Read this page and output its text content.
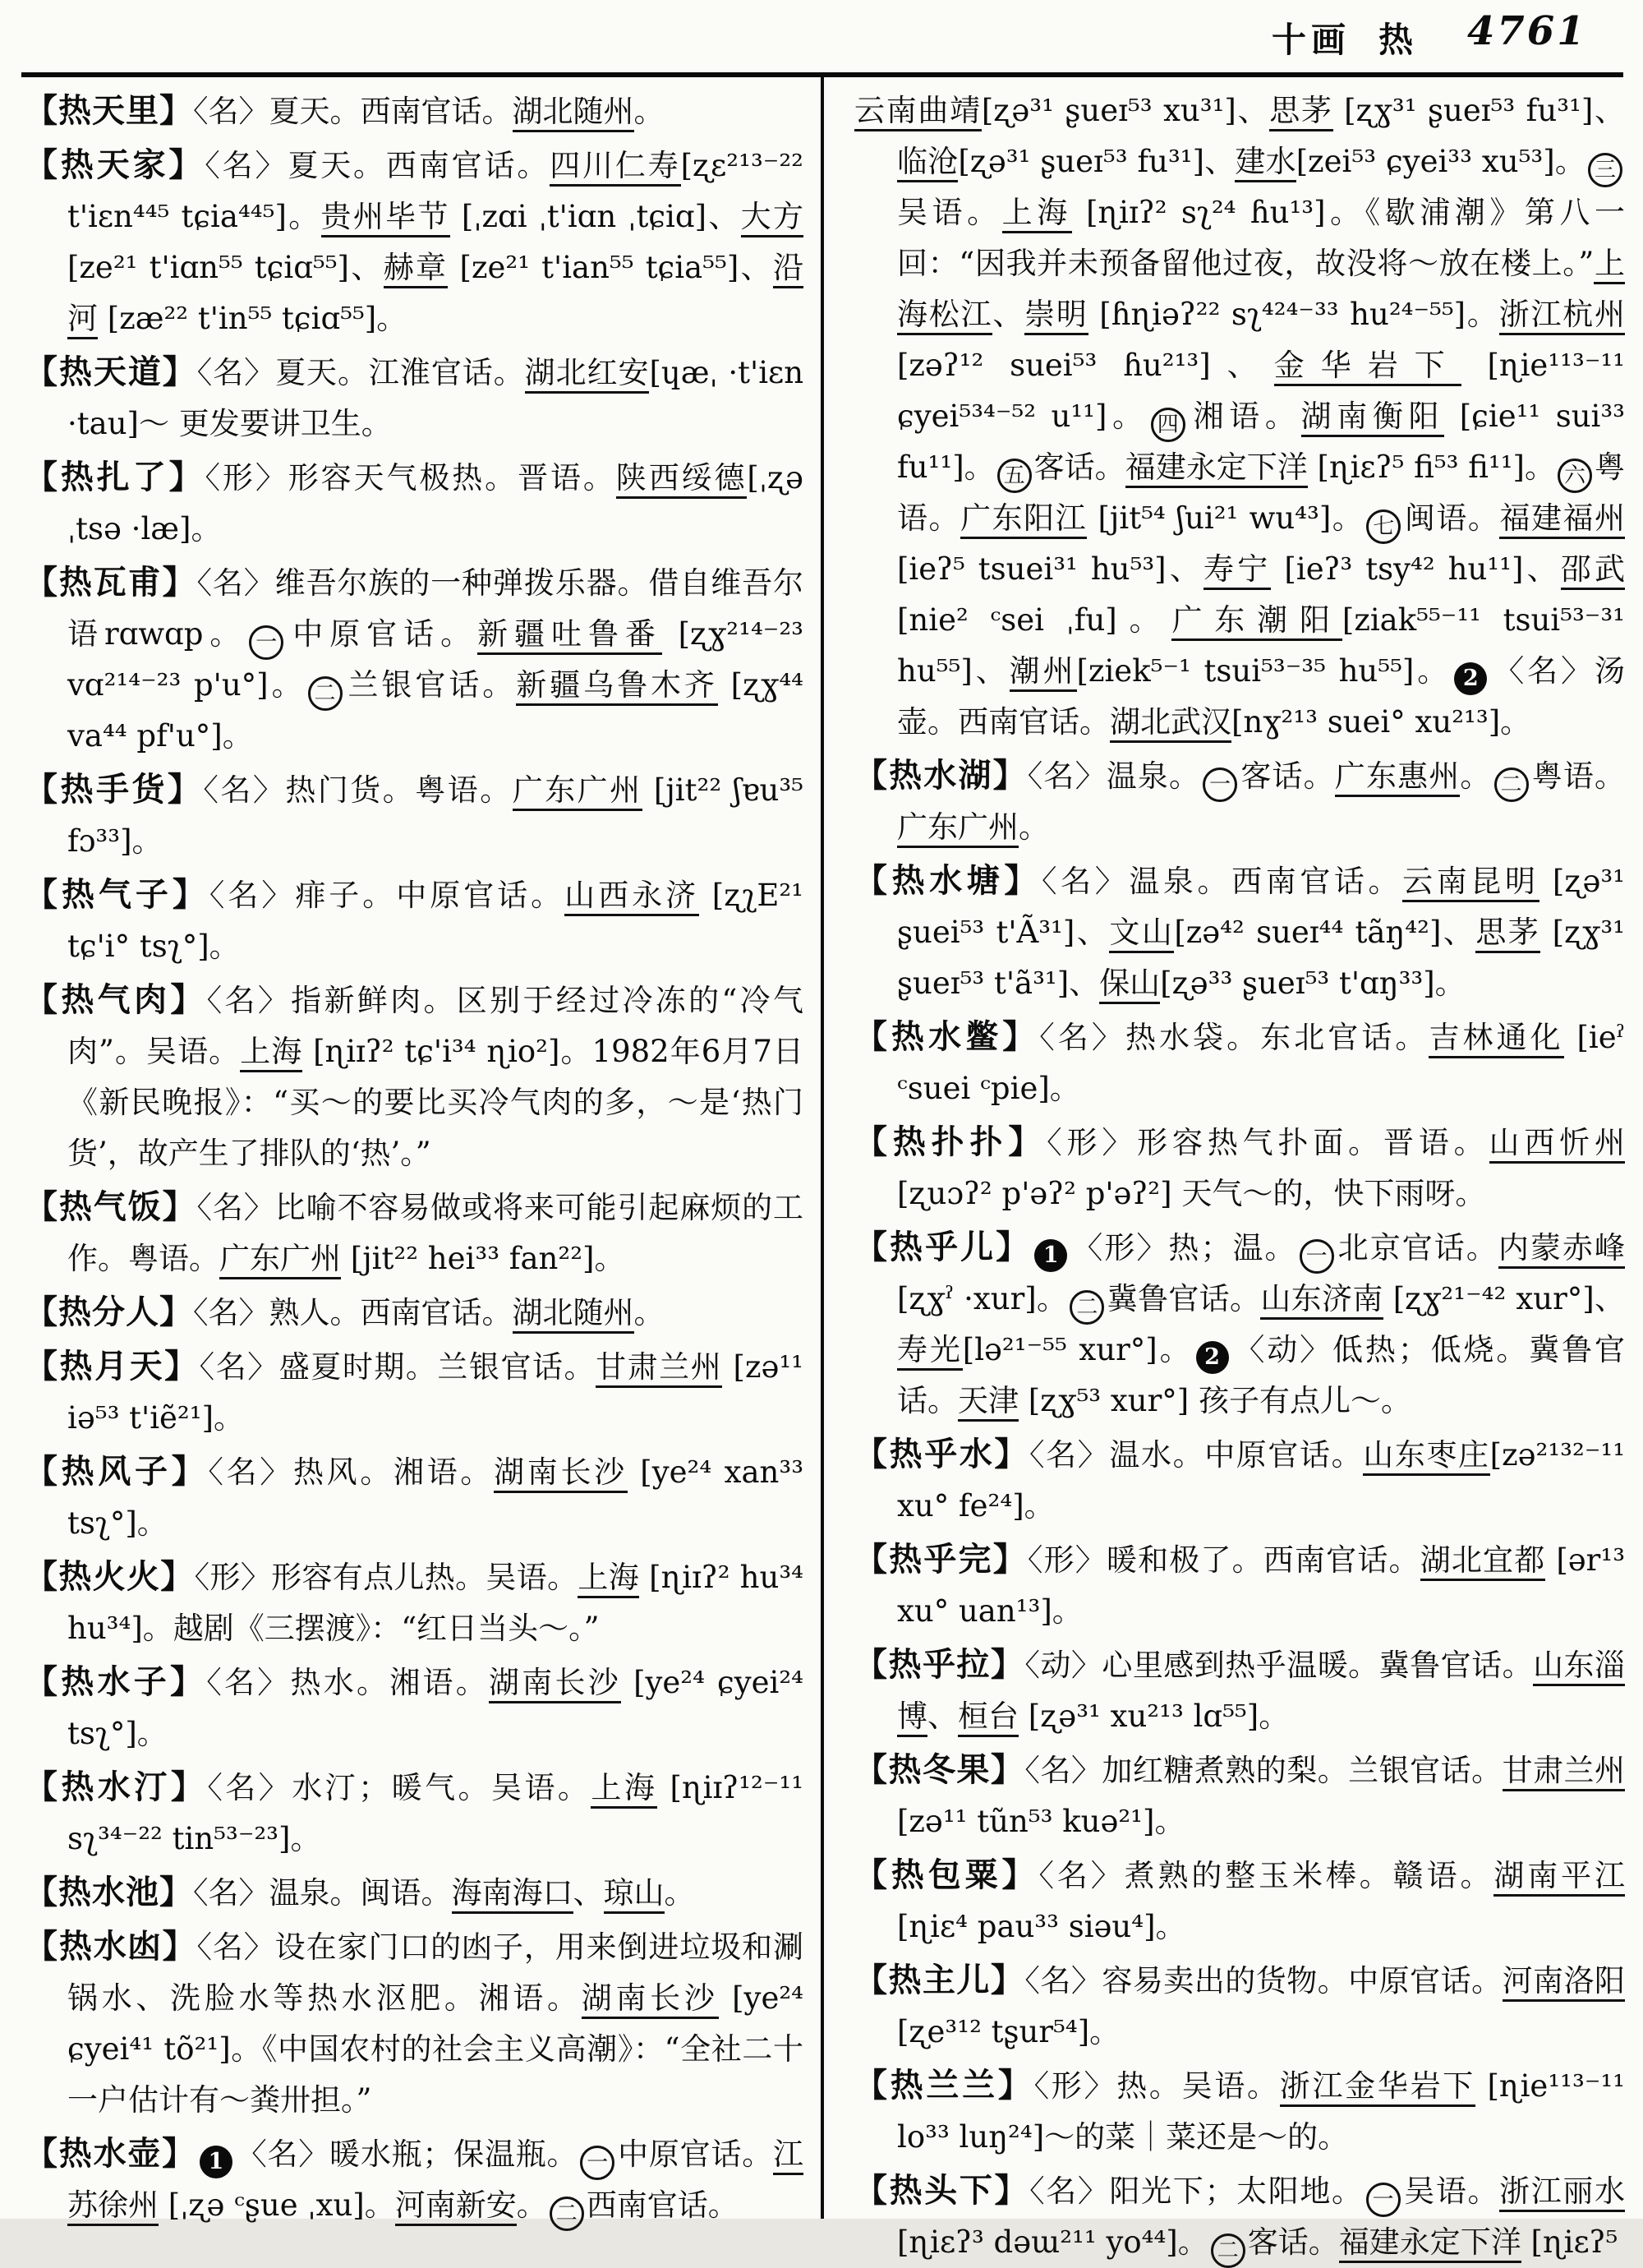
十画 热 4761
【热天里】〈名〉夏天。西南官话。湖北随州。
【热天家】〈名〉夏天。西南官话。四川仁寿[ʐɛ²¹³⁻²² t'iɛn⁴⁴⁵ tɕia⁴⁴⁵]。贵州毕节 [ˌzɑi ˌt'iɑn ˌtɕiɑ]、大方 [ze²¹ t'iɑn⁵⁵ tɕiɑ⁵⁵]、赫章 [ze²¹ t'ian⁵⁵ tɕia⁵⁵]、沿河 [zæ²² t'in⁵⁵ tɕiɑ⁵⁵]。
【热天道】〈名〉夏天。江淮官话。湖北红安[ɥæˌ ·t'iɛn ·tau]～ 更发要讲卫生。
【热扎了】〈形〉形容天气极热。晋语。陕西绥德[ˌʐə ˌtsə ·læ]。
【热瓦甫】〈名〉维吾尔族的一种弹拨乐器。借自维吾尔语rɑwɑp。 一 中原官话。新疆吐鲁番 [ʐɣ²¹⁴⁻²³ vɑ²¹⁴⁻²³ p'u°]。 二 兰银官话。新疆乌鲁木齐 [ʐɣ⁴⁴ va⁴⁴ pf'u°]。
【热手货】〈名〉热门货。粤语。广东广州 [jit²² ʃɐu³⁵ fɔ³³]。
【热气子】〈名〉痱子。中原官话。山西永济 [ʐʅE²¹ tɕ'i° tsʅ°]。
【热气肉】〈名〉指新鲜肉。区别于经过冷冻的“冷气肉”。吴语。上海 [ɳiɪʔ² tɕ'i³⁴ ɳio²]。1982年6月7日《新民晚报》：“买～的要比买冷气肉的多，～是‘热门货’，故产生了排队的‘热’。”
【热气饭】〈名〉比喻不容易做或将来可能引起麻烦的工作。粤语。广东广州 [jit²² hei³³ fan²²]。
【热分人】〈名〉熟人。西南官话。湖北随州。
【热月天】〈名〉盛夏时期。兰银官话。甘肃兰州 [zə¹¹ iə⁵³ t'iẽ²¹]。
【热风子】〈名〉热风。湘语。湖南长沙 [ye²⁴ xan³³ tsʅ°]。
【热火火】〈形〉形容有点儿热。吴语。上海 [ɳiɪʔ² hu³⁴ hu³⁴]。越剧《三摆渡》：“红日当头～。”
【热水子】〈名〉热水。湘语。湖南长沙 [ye²⁴ ɕyei²⁴ tsʅ°]。
【热水汀】〈名〉水汀；暖气。吴语。上海 [ɳiɪʔ¹²⁻¹¹ sʅ³⁴⁻²² tin⁵³⁻²³]。
【热水池】〈名〉温泉。闽语。海南海口、琼山。
【热水凼】〈名〉设在家门口的凼子，用来倒进垃圾和涮锅水、洗脸水等热水沤肥。湘语。湖南长沙 [ye²⁴ ɕyei⁴¹ tõ²¹]。《中国农村的社会主义高潮》：“全社二十一户估计有～粪卅担。”
【热水壶】 1 〈名〉暖水瓶；保温瓶。 一 中原官话。江苏徐州 [ˌʐə ᶜʂue ˌxu]。河南新安。 二 西南官话。
云南曲靖[ʐə³¹ ʂueɪ⁵³ xu³¹]、思茅 [ʐɣ³¹ ʂueɪ⁵³ fu³¹]、临沧[ʐə³¹ ʂueɪ⁵³ fu³¹]、建水[zei⁵³ ɕyei³³ xu⁵³]。 三吴语。上海 [ɳiɪʔ² sʅ²⁴ ɦu¹³]。《歇浦潮》第八一回：“因我并未预备留他过夜，故没将～放在楼上。”上海松江、崇明 [ɦɳiəʔ²² sʅ⁴²⁴⁻³³ hu²⁴⁻⁵⁵]。浙江杭州[zəʔ¹² suei⁵³ ɦu²¹³]、金华岩下 [ɳie¹¹³⁻¹¹ ɕyei⁵³⁴⁻⁵² u¹¹]。 四 湘语。湖南衡阳 [ɕie¹¹ sui³³ fu¹¹]。 五 客话。福建永定下洋 [ɳiɛʔ⁵ fi⁵³ fi¹¹]。 六 粤语。广东阳江 [jit⁵⁴ ʃui²¹ wu⁴³]。 七 闽语。福建福州 [ieʔ⁵ tsuei³¹ hu⁵³]、寿宁 [ieʔ³ tsy⁴² hu¹¹]、邵武 [nie² ᶜsei ˌfu]。广东潮阳[ziak⁵⁵⁻¹¹ tsui⁵³⁻³¹ hu⁵⁵]、潮州[ziek⁵⁻¹ tsui⁵³⁻³⁵ hu⁵⁵]。 2 〈名〉汤壶。西南官话。湖北武汉[nɣ²¹³ suei° xu²¹³]。
【热水湖】〈名〉温泉。 一 客话。广东惠州。 二 粤语。广东广州。
【热水塘】〈名〉温泉。西南官话。云南昆明 [ʐə³¹ ʂuei⁵³ t'Ã³¹]、文山[zə⁴² sueɪ⁴⁴ tãŋ⁴²]、思茅 [ʐɣ³¹ ʂueɪ⁵³ t'ã³¹]、保山[ʐə³³ ʂueɪ⁵³ t'ɑŋ³³]。
【热水鳖】〈名〉热水袋。东北官话。吉林通化 [ieˀ ᶜsuei ᶜpie]。
【热扑扑】〈形〉形容热气扑面。晋语。山西忻州 [ʐuɔʔ² p'əʔ² p'əʔ²] 天气～的，快下雨呀。
【热乎儿】 1 〈形〉热；温。 一 北京官话。内蒙赤峰 [ʐɣˀ ·xur]。 二 冀鲁官话。山东济南 [ʐɣ²¹⁻⁴² xur°]、寿光[lə²¹⁻⁵⁵ xur°]。 2 〈动〉低热；低烧。冀鲁官话。天津 [ʐɣ⁵³ xur°] 孩子有点儿～。
【热乎水】〈名〉温水。中原官话。山东枣庄[zə²¹³²⁻¹¹ xu° fe²⁴]。
【热乎完】〈形〉暖和极了。西南官话。湖北宜都 [ər¹³ xu° uan¹³]。
【热乎拉】〈动〉心里感到热乎温暖。冀鲁官话。山东淄博、桓台 [ʐə³¹ xu²¹³ lɑ⁵⁵]。
【热冬果】〈名〉加红糖煮熟的梨。兰银官话。甘肃兰州 [zə¹¹ tũn⁵³ kuə²¹]。
【热包粟】〈名〉煮熟的整玉米棒。赣语。湖南平江 [ɳiɛ⁴ pau³³ siəu⁴]。
【热主儿】〈名〉容易卖出的货物。中原官话。河南洛阳[ʐe³¹² tʂur⁵⁴]。
【热兰兰】〈形〉热。吴语。浙江金华岩下 [ɳie¹¹³⁻¹¹ lo³³ luŋ²⁴]～的菜｜菜还是～的。
【热头下】〈名〉阳光下；太阳地。 一 吴语。浙江丽水 [ɳiɛʔ³ dəɯ²¹¹ yo⁴⁴]。 二 客话。福建永定下洋 [ɳiɛʔ⁵
